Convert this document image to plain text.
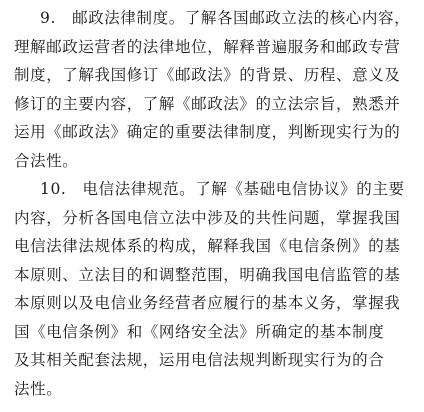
9.　邮政法律制度。了解各国邮政立法的核心内容，
理解邮政运营者的法律地位，解释普遍服务和邮政专营
制度，了解我国修订《邮政法》的背景、历程、意义及
修订的主要内容，了解《邮政法》的立法宗旨，熟悉并
运用《邮政法》确定的重要法律制度，判断现实行为的
合法性。
10.　电信法律规范。了解《基础电信协议》的主要
内容，分析各国电信立法中涉及的共性问题，掌握我国
电信法律法规体系的构成，解释我国《电信条例》的基
本原则、立法目的和调整范围，明确我国电信监管的基
本原则以及电信业务经营者应履行的基本义务，掌握我
国《电信条例》和《网络安全法》所确定的基本制度
及其相关配套法规，运用电信法规判断现实行为的合
法性。
